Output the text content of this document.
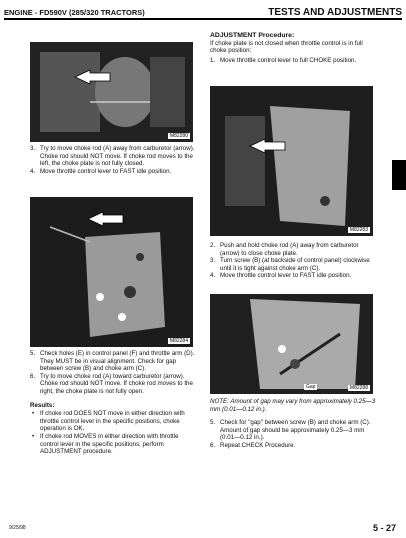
ENGINE - FD590V (285/320 TRACTORS)	TESTS AND ADJUSTMENTS
M82280

3. Try to move choke rod (A) away from carburetor (arrow). Choke rod should NOT move. If choke rod moves to the left, the choke plate is not fully closed.

4. Move throttle control lever to FAST idle position.

M82284

5. Check holes (E) in control panel (F) and throttle arm (D). They MUST be in visual alignment. Check for gap between screw (B) and choke arm (C).

6. Try to move choke rod (A) toward carburetor (arrow). Choke rod should NOT move. If choke rod moves to the right, the choke plate is not fully open.

Results:

• If choke rod DOES NOT move in either direction with throttle control lever in the specific positions, choke operation is OK.

• If choke rod MOVES in either direction with throttle control lever in the specific positions, perform ADJUSTMENT procedure.

ADJUSTMENT Procedure:

If choke plate is not closed when throttle control is in full choke position:

1. Move throttle control lever to full CHOKE position.

M82283

2. Push and hold choke rod (A) away from carburetor (arrow) to close choke plate.

3. Turn screw (B) (at backside of control panel) clockwise until it is tight against choke arm (C).

4. Move throttle control lever to FAST idle position.

Gap	M82288

NOTE: Amount of gap may vary from approximately 0.25—3 mm (0.01—0.12 in.).

5. Check for "gap" between screw (B) and choke arm (C). Amount of gap should be approximately 0.25—3 mm (0.01—0.12 in.).

6. Repeat CHECK Procedure.

9/25/98	5 - 27
